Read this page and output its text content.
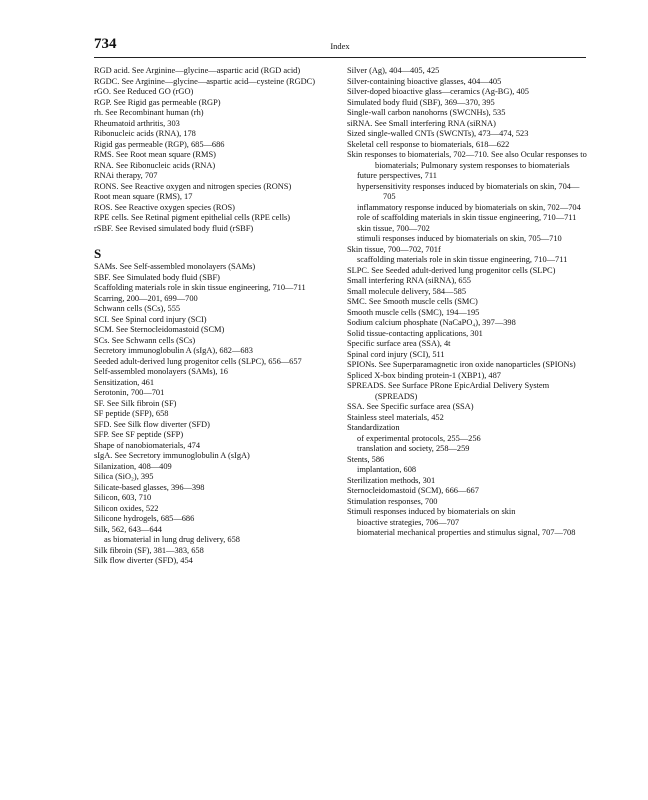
734	Index

RGD acid. See Arginine—glycine—aspartic acid (RGD acid)

RGDC. See Arginine—glycine—aspartic acid—cysteine (RGDC)

rGO. See Reduced GO (rGO)

RGP. See Rigid gas permeable (RGP)

rh. See Recombinant human (rh)

Rheumatoid arthritis, 303

Ribonucleic acids (RNA), 178

Rigid gas permeable (RGP), 685—686

RMS. See Root mean square (RMS)

RNA. See Ribonucleic acids (RNA)

RNAi therapy, 707

RONS. See Reactive oxygen and nitrogen species (RONS)

Root mean square (RMS), 17

ROS. See Reactive oxygen species (ROS)

RPE cells. See Retinal pigment epithelial cells (RPE cells)

rSBF. See Revised simulated body fluid (rSBF)

S

SAMs. See Self-assembled monolayers (SAMs)

SBF. See Simulated body fluid (SBF)

Scaffolding materials role in skin tissue engineering, 710—711

Scarring, 200—201, 699—700

Schwann cells (SCs), 555

SCI. See Spinal cord injury (SCI)

SCM. See Sternocleidomastoid (SCM)

SCs. See Schwann cells (SCs)

Secretory immunoglobulin A (sIgA), 682—683

Seeded adult-derived lung progenitor cells (SLPC), 656—657

Self-assembled monolayers (SAMs), 16

Sensitization, 461

Serotonin, 700—701

SF. See Silk fibroin (SF)

SF peptide (SFP), 658

SFD. See Silk flow diverter (SFD)

SFP. See SF peptide (SFP)

Shape of nanobiomaterials, 474

sIgA. See Secretory immunoglobulin A (sIgA)

Silanization, 408—409

Silica (SiO₂), 395

Silicate-based glasses, 396—398

Silicon, 603, 710

Silicon oxides, 522

Silicone hydrogels, 685—686

Silk, 562, 643—644

as biomaterial in lung drug delivery, 658

Silk fibroin (SF), 381—383, 658

Silk flow diverter (SFD), 454

Silver (Ag), 404—405, 425

Silver-containing bioactive glasses, 404—405

Silver-doped bioactive glass—ceramics (Ag-BG), 405

Simulated body fluid (SBF), 369—370, 395

Single-wall carbon nanohorns (SWCNHs), 535

siRNA. See Small interfering RNA (siRNA)

Sized single-walled CNTs (SWCNTs), 473—474, 523

Skeletal cell response to biomaterials, 618—622

Skin responses to biomaterials, 702—710. See also Ocular responses to biomaterials; Pulmonary system responses to biomaterials

future perspectives, 711

hypersensitivity responses induced by biomaterials on skin, 704—705

inflammatory response induced by biomaterials on skin, 702—704

role of scaffolding materials in skin tissue engineering, 710—711

skin tissue, 700—702

stimuli responses induced by biomaterials on skin, 705—710

Skin tissue, 700—702, 701f

scaffolding materials role in skin tissue engineering, 710—711

SLPC. See Seeded adult-derived lung progenitor cells (SLPC)

Small interfering RNA (siRNA), 655

Small molecule delivery, 584—585

SMC. See Smooth muscle cells (SMC)

Smooth muscle cells (SMC), 194—195

Sodium calcium phosphate (NaCaPO₄), 397—398

Solid tissue-contacting applications, 301

Specific surface area (SSA), 4t

Spinal cord injury (SCI), 511

SPIONs. See Superparamagnetic iron oxide nanoparticles (SPIONs)

Spliced X-box binding protein-1 (XBP1), 487

SPREADS. See Surface PRone EpicArdial Delivery System (SPREADS)

SSA. See Specific surface area (SSA)

Stainless steel materials, 452

Standardization

of experimental protocols, 255—256

translation and society, 258—259

Stents, 586

implantation, 608

Sterilization methods, 301

Sternocleidomastoid (SCM), 666—667

Stimulation responses, 700

Stimuli responses induced by biomaterials on skin

bioactive strategies, 706—707

biomaterial mechanical properties and stimulus signal, 707—708
